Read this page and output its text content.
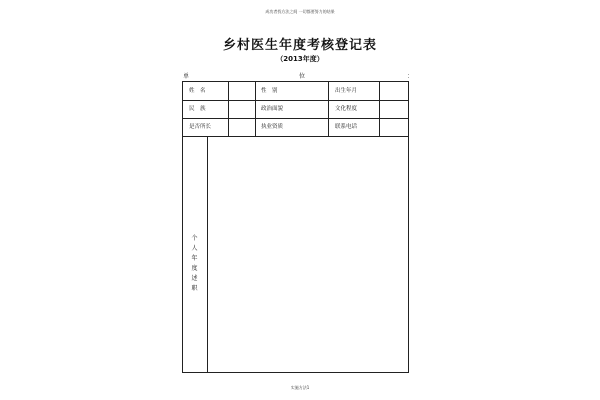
成功者找方法之间 一切都要努力的结果
乡村医生年度考核登记表
（2013年度）
单	位	：
姓　名	性　别	出生年月
民　族	政治面貌	文化程度
是否所长	执业资质	联系电话
个　人
年　度
述　职
实施方法1
